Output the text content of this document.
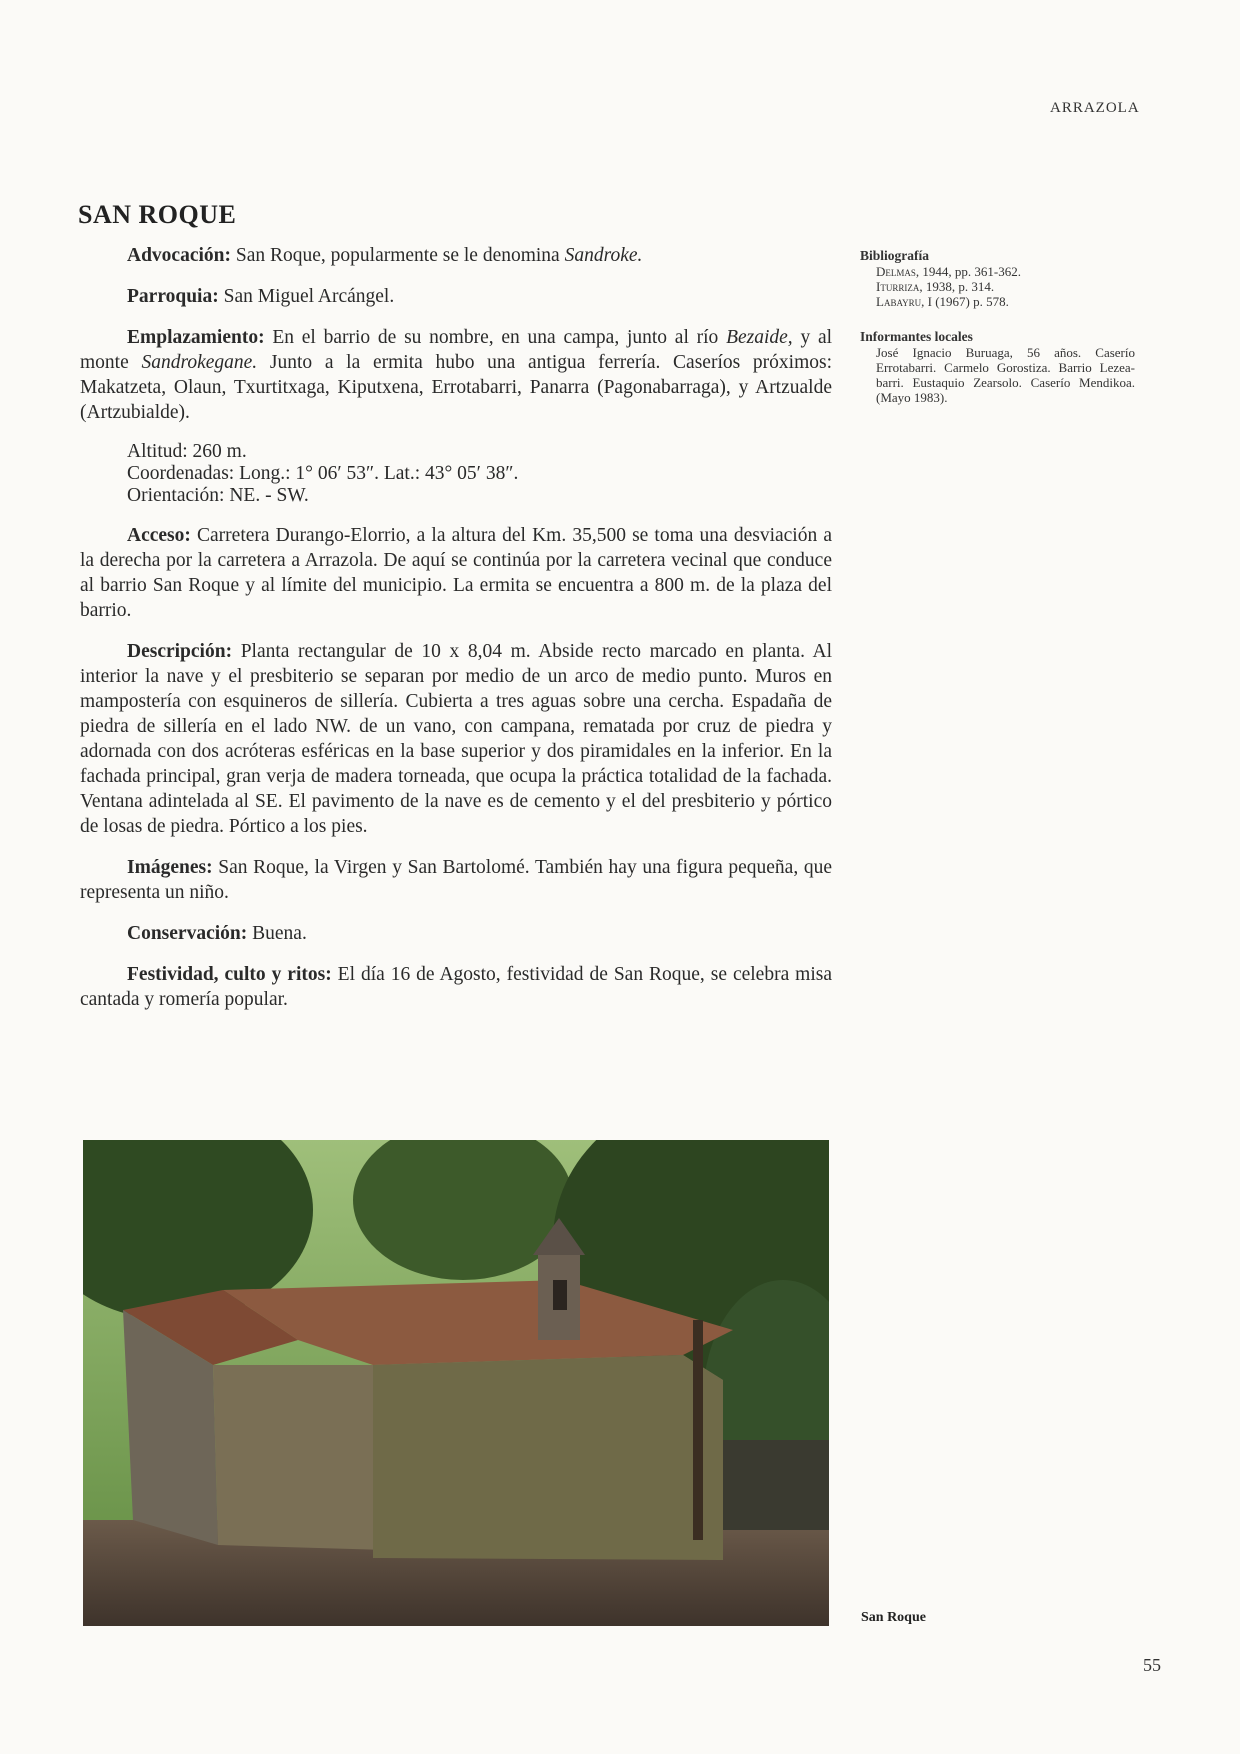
ARRAZOLA
SAN ROQUE

Advocación: San Roque, popularmente se le denomina Sandroke.

Parroquia: San Miguel Arcángel.

Emplazamiento: En el barrio de su nombre, en una campa, junto al río Bezaide, y al monte Sandrokegane. Junto a la ermita hubo una antigua ferrería. Caseríos próximos: Makatzeta, Olaun, Txurtitxaga, Kiputxena, Errotabarri, Panarra (Pagonabarraga), y Artzualde (Artzubialde).

Altitud: 260 m.
Coordenadas: Long.: 1° 06′ 53″. Lat.: 43° 05′ 38″.
Orientación: NE. - SW.

Acceso: Carretera Durango-Elorrio, a la altura del Km. 35,500 se toma una desviación a la derecha por la carretera a Arrazola. De aquí se continúa por la carretera vecinal que conduce al barrio San Roque y al límite del municipio. La ermita se encuentra a 800 m. de la plaza del barrio.

Descripción: Planta rectangular de 10 x 8,04 m. Abside recto marcado en planta. Al interior la nave y el presbiterio se separan por medio de un arco de medio punto. Muros en mampostería con esquineros de sillería. Cubierta a tres aguas sobre una cercha. Espadaña de piedra de sillería en el lado NW. de un vano, con campana, rematada por cruz de piedra y adornada con dos acróteras esféricas en la base superior y dos piramidales en la inferior. En la fachada principal, gran verja de madera torneada, que ocupa la práctica totalidad de la fachada. Ventana adintelada al SE. El pavimento de la nave es de cemento y el del presbiterio y pórtico de losas de piedra. Pórtico a los pies.

Imágenes: San Roque, la Virgen y San Bartolomé. También hay una figura pequeña, que representa un niño.

Conservación: Buena.

Festividad, culto y ritos: El día 16 de Agosto, festividad de San Roque, se celebra misa cantada y romería popular.

Bibliografía
Delmas, 1944, pp. 361-362.
Iturriza, 1938, p. 314.
Labayru, I (1967) p. 578.
Informantes locales
José Ignacio Buruaga, 56 años. Caserío Errotabarri. Carmelo Gorostiza. Barrio Lezea-barri. Eustaquio Zearsolo. Caserío Mendikoa. (Mayo 1983).
San Roque
55
